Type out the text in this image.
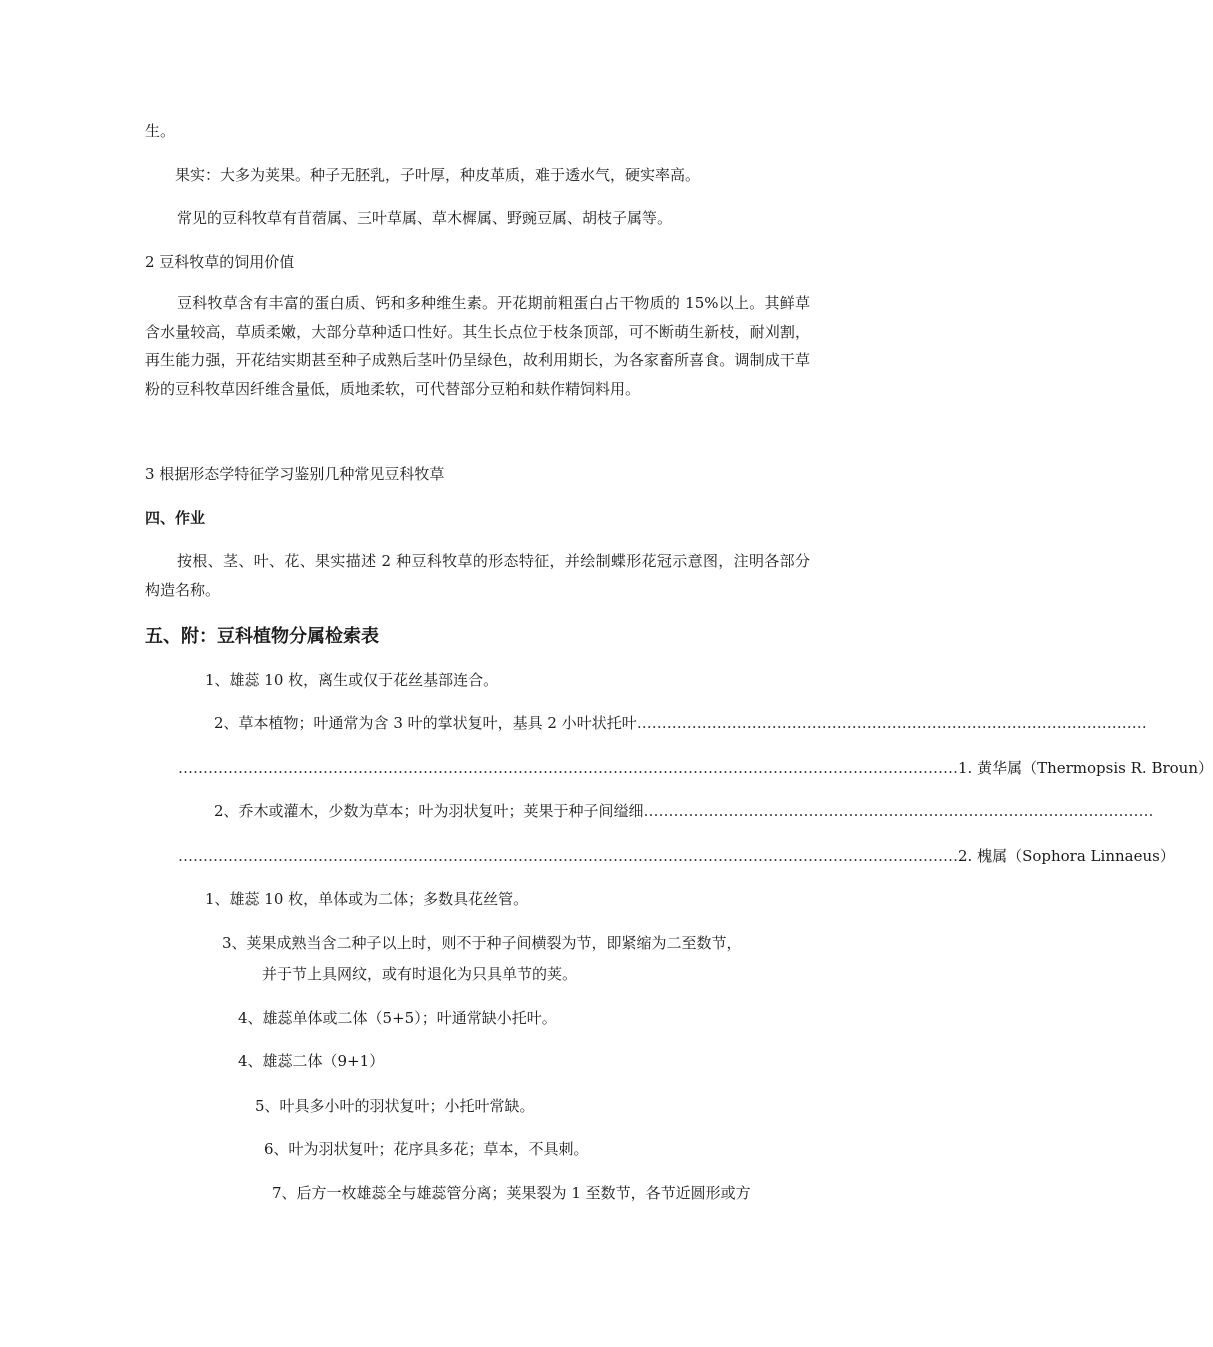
生。
果实：大多为荚果。种子无胚乳，子叶厚，种皮革质，难于透水气，硬实率高。
常见的豆科牧草有苜蓿属、三叶草属、草木樨属、野豌豆属、胡枝子属等。
2 豆科牧草的饲用价值
豆科牧草含有丰富的蛋白质、钙和多种维生素。开花期前粗蛋白占干物质的 15%以上。其鲜草含水量较高，草质柔嫩，大部分草种适口性好。其生长点位于枝条顶部，可不断萌生新枝，耐刈割，再生能力强，开花结实期甚至种子成熟后茎叶仍呈绿色，故利用期长，为各家畜所喜食。调制成干草粉的豆科牧草因纤维含量低，质地柔软，可代替部分豆粕和麸作精饲料用。
3 根据形态学特征学习鉴别几种常见豆科牧草
四、作业
按根、茎、叶、花、果实描述 2 种豆科牧草的形态特征，并绘制蝶形花冠示意图，注明各部分构造名称。
五、附：豆科植物分属检索表
1、雄蕊 10 枚，离生或仅于花丝基部连合。
2、草本植物；叶通常为含 3 叶的掌状复叶，基具 2 小叶状托叶 …………………………………………………………………………………………
………………………………………………………………………………………………………………………………………… 1. 黄华属（Thermopsis R. Broun）
2、乔木或灌木，少数为草本；叶为羽状复叶；荚果于种子间缢细 …………………………………………………………………………………………
………………………………………………………………………………………………………………………………………… 2. 槐属（Sophora Linnaeus）
1、雄蕊 10 枚，单体或为二体；多数具花丝管。
3、荚果成熟当含二种子以上时，则不于种子间横裂为节，即紧缩为二至数节，
并于节上具网纹，或有时退化为只具单节的荚。
4、雄蕊单体或二体（5+5）；叶通常缺小托叶。
4、雄蕊二体（9+1）
5、叶具多小叶的羽状复叶；小托叶常缺。
6、叶为羽状复叶；花序具多花；草本，不具刺。
7、后方一枚雄蕊全与雄蕊管分离；荚果裂为 1 至数节，各节近圆形或方
